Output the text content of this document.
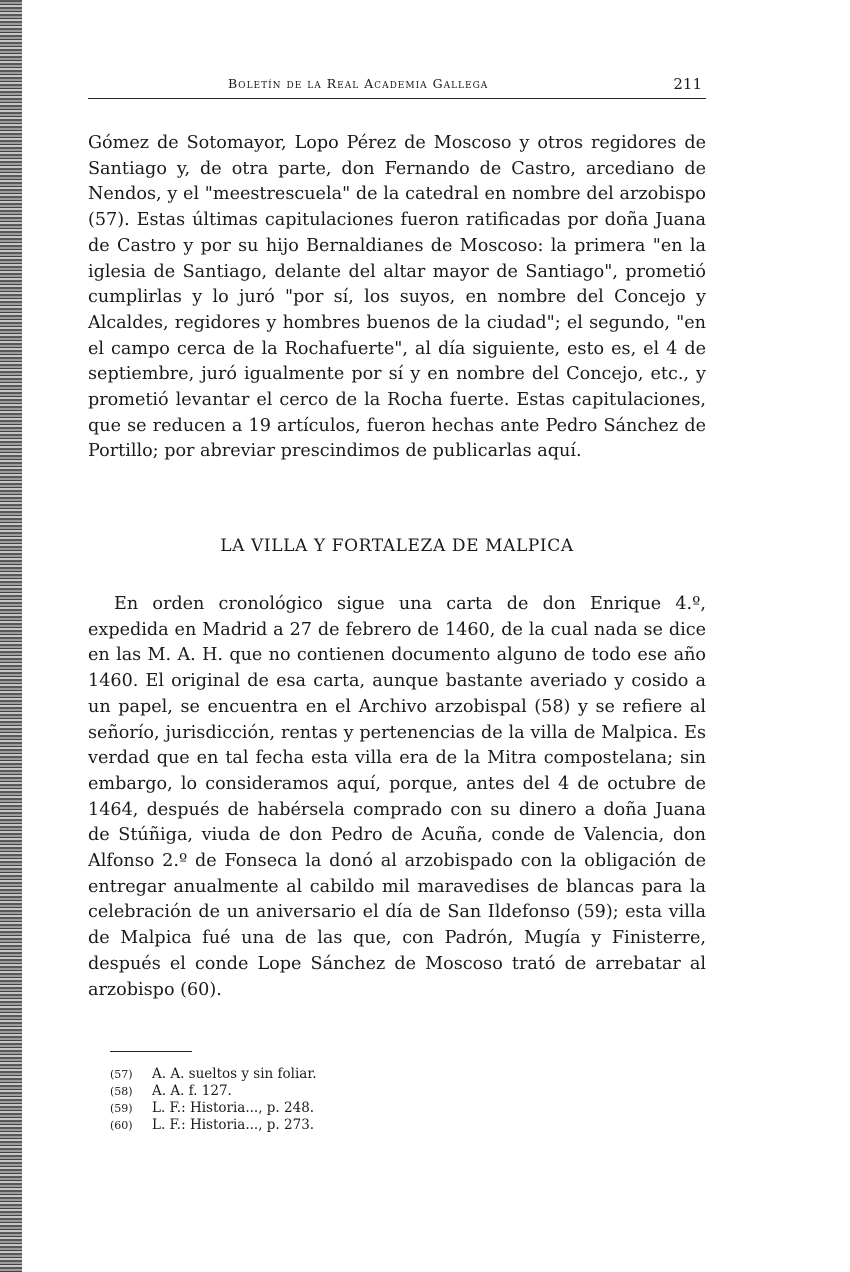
Boletín de la Real Academia Gallega	211

Gómez de Sotomayor, Lopo Pérez de Moscoso y otros regidores de Santiago y, de otra parte, don Fernando de Castro, arcediano de Nendos, y el "meestrescuela" de la catedral en nombre del arzobispo (57). Estas últimas capitulaciones fueron ratificadas por doña Juana de Castro y por su hijo Bernaldianes de Moscoso: la primera "en la iglesia de Santiago, delante del altar mayor de Santiago", prometió cumplirlas y lo juró "por sí, los suyos, en nombre del Concejo y Alcaldes, regidores y hombres buenos de la ciudad"; el segundo, "en el campo cerca de la Rochafuerte", al día siguiente, esto es, el 4 de septiembre, juró igualmente por sí y en nombre del Concejo, etc., y prometió levantar el cerco de la Rocha fuerte. Estas capitulaciones, que se reducen a 19 artículos, fueron hechas ante Pedro Sánchez de Portillo; por abreviar prescindimos de publicarlas aquí.

LA VILLA Y FORTALEZA DE MALPICA

En orden cronológico sigue una carta de don Enrique 4.º, expedida en Madrid a 27 de febrero de 1460, de la cual nada se dice en las M. A. H. que no contienen documento alguno de todo ese año 1460. El original de esa carta, aunque bastante averiado y cosido a un papel, se encuentra en el Archivo arzobispal (58) y se refiere al señorío, jurisdicción, rentas y pertenencias de la villa de Malpica. Es verdad que en tal fecha esta villa era de la Mitra compostelana; sin embargo, lo consideramos aquí, porque, antes del 4 de octubre de 1464, después de habérsela comprado con su dinero a doña Juana de Stúñiga, viuda de don Pedro de Acuña, conde de Valencia, don Alfonso 2.º de Fonseca la donó al arzobispado con la obligación de entregar anualmente al cabildo mil maravedises de blancas para la celebración de un aniversario el día de San Ildefonso (59); esta villa de Malpica fué una de las que, con Padrón, Mugía y Finisterre, después el conde Lope Sánchez de Moscoso trató de arrebatar al arzobispo (60).

(57)	A. A. sueltos y sin foliar.
(58)	A. A. f. 127.
(59)	L. F.: Historia..., p. 248.
(60)	L. F.: Historia..., p. 273.
